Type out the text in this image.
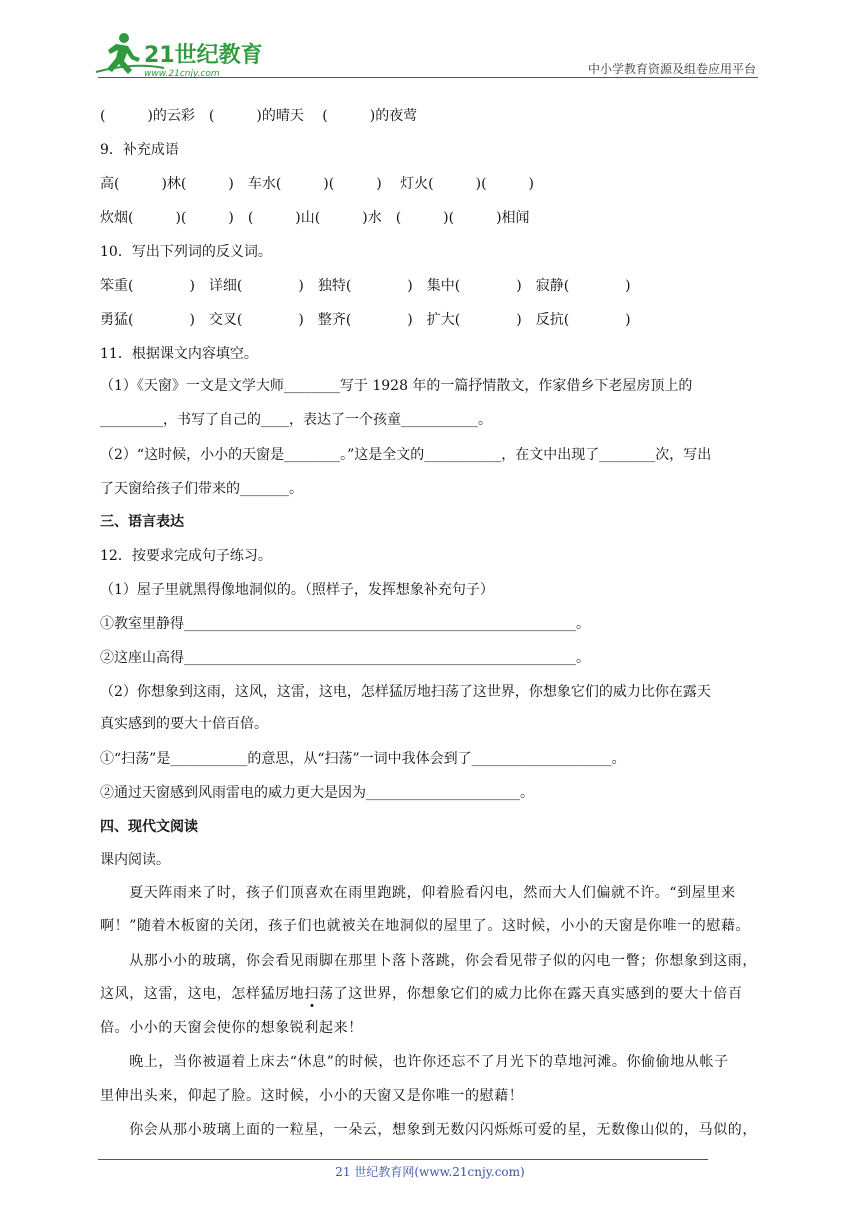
21世纪教育
www.21cnjy.com	中小学教育资源及组卷应用平台
(　　　)的云彩　(　　　)的晴天　 (　　　)的夜莺
9．补充成语
高(　　　)林(　　　)　车水(　　　)(　　　)　 灯火(　　　)(　　　)
炊烟(　　　)(　　　)　(　　　)山(　　　)水　(　　　)(　　　)相闻
10．写出下列词的反义词。
笨重(　　　　)　详细(　　　　)　独特(　　　　)　集中(　　　　)　寂静(　　　　)
勇猛(　　　　)　交叉(　　　　)　整齐(　　　　)　扩大(　　　　)　反抗(　　　　)
11．根据课文内容填空。
（1）《天窗》一文是文学大师________写于 1928 年的一篇抒情散文，作家借乡下老屋房顶上的
_________，书写了自己的____，表达了一个孩童___________。
（2）“这时候，小小的天窗是________。”这是全文的___________，在文中出现了________次，写出
了天窗给孩子们带来的_______。
三、语言表达
12．按要求完成句子练习。
（1）屋子里就黑得像地洞似的。（照样子，发挥想象补充句子）
①教室里静得________________________________________________________。
②这座山高得________________________________________________________。
（2）你想象到这雨，这风，这雷，这电，怎样猛厉地扫荡了这世界，你想象它们的威力比你在露天
真实感到的要大十倍百倍。
①“扫荡”是___________的意思，从“扫荡”一词中我体会到了____________________。
②通过天窗感到风雨雷电的威力更大是因为______________________。
四、现代文阅读
课内阅读。
　　夏天阵雨来了时，孩子们顶喜欢在雨里跑跳，仰着脸看闪电，然而大人们偏就不许。“到屋里来
啊！”随着木板窗的关闭，孩子们也就被关在地洞似的屋里了。这时候，小小的天窗是你唯一的慰藉。
　　从那小小的玻璃，你会看见雨脚在那里卜落卜落跳，你会看见带子似的闪电一瞥；你想象到这雨，
这风，这雷，这电，怎样猛厉地扫荡了这世界，你想象它们的威力比你在露天真实感到的要大十倍百
倍。小小的天窗会使你的想象锐利起来！
　　晚上，当你被逼着上床去“休息”的时候，也许你还忘不了月光下的草地河滩。你偷偷地从帐子
里伸出头来，仰起了脸。这时候，小小的天窗又是你唯一的慰藉！
　　你会从那小玻璃上面的一粒星，一朵云，想象到无数闪闪烁烁可爱的星，无数像山似的，马似的，
21 世纪教育网(www.21cnjy.com)
